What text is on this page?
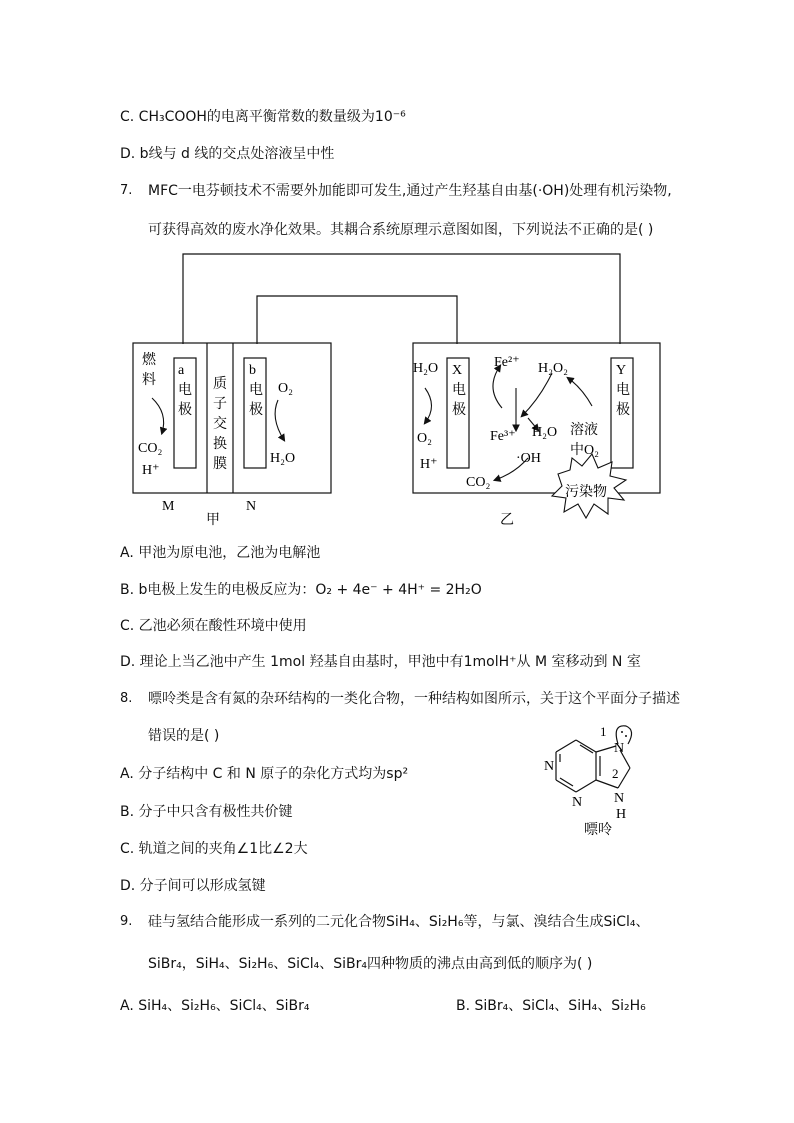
C. CH₃COOH的电离平衡常数的数量级为10⁻⁶
D. b线与 d 线的交点处溶液呈中性
7. MFC一电芬顿技术不需要外加能即可发生,通过产生羟基自由基(·OH)处理有机污染物,
可获得高效的废水净化效果。其耦合系统原理示意图如图，下列说法不正确的是( )
燃
料
a
电
极
质
子
交
换
膜
b
电
极
CO₂
H⁺
O₂
H₂O
M	N
甲
H₂O
O₂
H⁺
X
电
极
Fe²⁺
Fe³⁺
H₂O₂
H₂O 溶液
中O₂
·OH
CO₂
Y
电
极
污染物
乙
A. 甲池为原电池，乙池为电解池
B. b电极上发生的电极反应为：O₂ + 4e⁻ + 4H⁺ = 2H₂O
C. 乙池必须在酸性环境中使用
D. 理论上当乙池中产生 1mol 羟基自由基时，甲池中有1molH⁺从 M 室移动到 N 室
8. 嘌呤类是含有氮的杂环结构的一类化合物，一种结构如图所示，关于这个平面分子描述
错误的是( )	1
N
N	2
N N
H
嘌呤
A. 分子结构中 C 和 N 原子的杂化方式均为sp²
B. 分子中只含有极性共价键
C. 轨道之间的夹角∠1比∠2大
D. 分子间可以形成氢键
9. 硅与氢结合能形成一系列的二元化合物SiH₄、Si₂H₆等，与氯、溴结合生成SiCl₄、
SiBr₄，SiH₄、Si₂H₆、SiCl₄、SiBr₄四种物质的沸点由高到低的顺序为( )
A. SiH₄、Si₂H₆、SiCl₄、SiBr₄	B. SiBr₄、SiCl₄、SiH₄、Si₂H₆
